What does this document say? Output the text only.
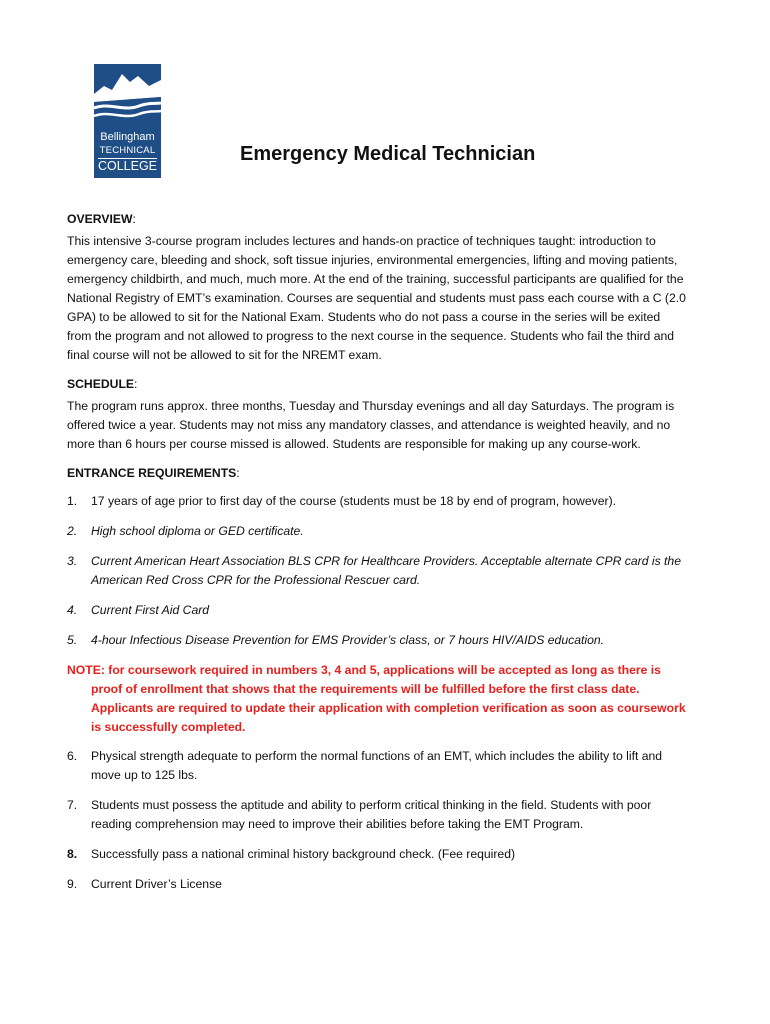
Bellingham
TECHNICAL
COLLEGE
Emergency Medical Technician
OVERVIEW:

This intensive 3-course program includes lectures and hands-on practice of techniques taught: introduction to emergency care, bleeding and shock, soft tissue injuries, environmental emergencies, lifting and moving patients, emergency childbirth, and much, much more. At the end of the training, successful participants are qualified for the National Registry of EMT’s examination. Courses are sequential and students must pass each course with a C (2.0 GPA) to be allowed to sit for the National Exam. Students who do not pass a course in the series will be exited from the program and not allowed to progress to the next course in the sequence. Students who fail the third and final course will not be allowed to sit for the NREMT exam.

SCHEDULE:

The program runs approx. three months, Tuesday and Thursday evenings and all day Saturdays. The program is offered twice a year. Students may not miss any mandatory classes, and attendance is weighted heavily, and no more than 6 hours per course missed is allowed. Students are responsible for making up any course-work.

ENTRANCE REQUIREMENTS:
1. 17 years of age prior to first day of the course (students must be 18 by end of program, however).
2. High school diploma or GED certificate.
3. Current American Heart Association BLS CPR for Healthcare Providers. Acceptable alternate CPR card is the American Red Cross CPR for the Professional Rescuer card.
4. Current First Aid Card
5. 4-hour Infectious Disease Prevention for EMS Provider’s class, or 7 hours HIV/AIDS education.

NOTE: for coursework required in numbers 3, 4 and 5, applications will be accepted as long as there is proof of enrollment that shows that the requirements will be fulfilled before the first class date. Applicants are required to update their application with completion verification as soon as coursework is successfully completed.

6. Physical strength adequate to perform the normal functions of an EMT, which includes the ability to lift and move up to 125 lbs.
7. Students must possess the aptitude and ability to perform critical thinking in the field. Students with poor reading comprehension may need to improve their abilities before taking the EMT Program.
8. Successfully pass a national criminal history background check. (Fee required)
9. Current Driver’s License
